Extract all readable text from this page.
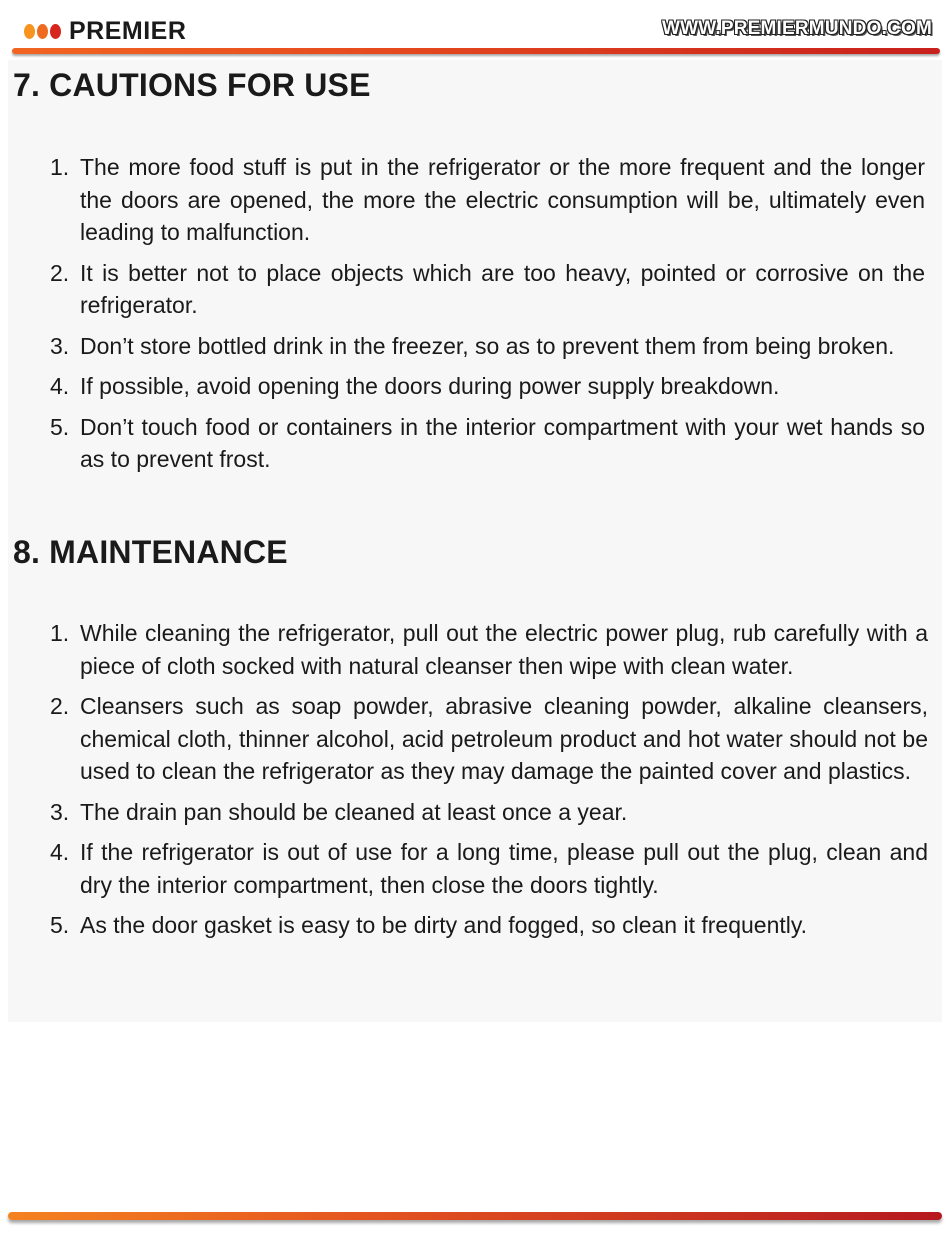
PREMIER	WWW.PREMIERMUNDO.COM
7. CAUTIONS FOR USE
1. The more food stuff is put in the refrigerator or the more frequent and the longer the doors are opened, the more the electric consumption will be, ultimately even leading to malfunction.
2. It is better not to place objects which are too heavy, pointed or corrosive on the refrigerator.
3. Don’t store bottled drink in the freezer, so as to prevent them from being broken.
4. If possible, avoid opening the doors during power supply breakdown.
5. Don’t touch food or containers in the interior compartment with your wet hands so as to prevent frost.
8. MAINTENANCE
1. While cleaning the refrigerator, pull out the electric power plug, rub carefully with a piece of cloth socked with natural cleanser then wipe with clean water.
2. Cleansers such as soap powder, abrasive cleaning powder, alkaline cleansers, chemical cloth, thinner alcohol, acid petroleum product and hot water should not be used to clean the refrigerator as they may damage the painted cover and plastics.
3. The drain pan should be cleaned at least once a year.
4. If the refrigerator is out of use for a long time, please pull out the plug, clean and dry the interior compartment, then close the doors tightly.
5. As the door gasket is easy to be dirty and fogged, so clean it frequently.
